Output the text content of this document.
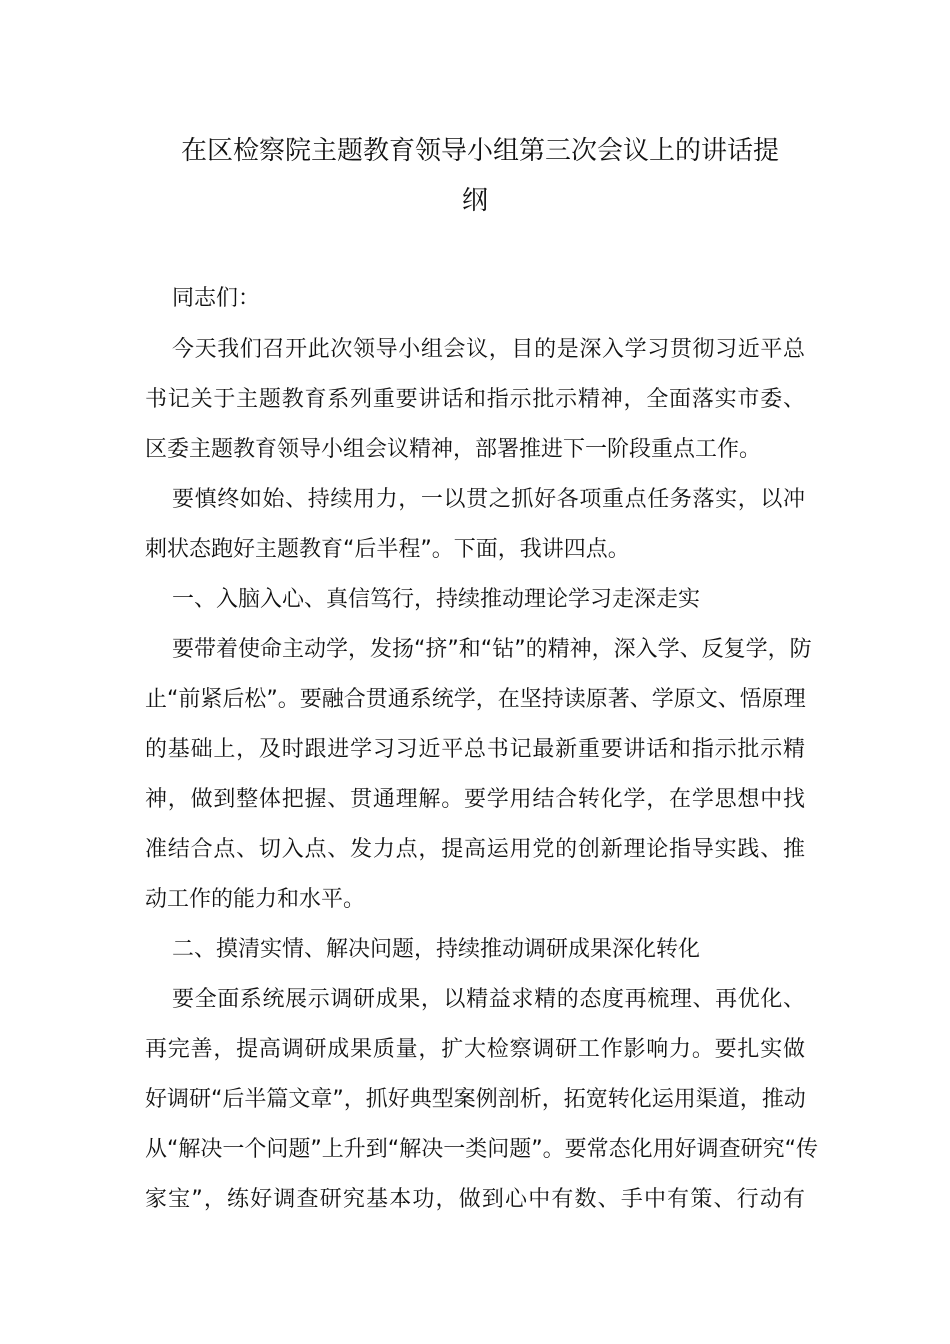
在区检察院主题教育领导小组第三次会议上的讲话提
纲
同志们：
今天我们召开此次领导小组会议，目的是深入学习贯彻习近平总
书记关于主题教育系列重要讲话和指示批示精神，全面落实市委、
区委主题教育领导小组会议精神，部署推进下一阶段重点工作。
要慎终如始、持续用力，一以贯之抓好各项重点任务落实，以冲
刺状态跑好主题教育“后半程”。下面，我讲四点。
一、入脑入心、真信笃行，持续推动理论学习走深走实
要带着使命主动学，发扬“挤”和“钻”的精神，深入学、反复学，防
止“前紧后松”。要融合贯通系统学，在坚持读原著、学原文、悟原理
的基础上，及时跟进学习习近平总书记最新重要讲话和指示批示精
神，做到整体把握、贯通理解。要学用结合转化学，在学思想中找
准结合点、切入点、发力点，提高运用党的创新理论指导实践、推
动工作的能力和水平。
二、摸清实情、解决问题，持续推动调研成果深化转化
要全面系统展示调研成果，以精益求精的态度再梳理、再优化、
再完善，提高调研成果质量，扩大检察调研工作影响力。要扎实做
好调研“后半篇文章”，抓好典型案例剖析，拓宽转化运用渠道，推动
从“解决一个问题”上升到“解决一类问题”。要常态化用好调查研究“传
家宝”，练好调查研究基本功，做到心中有数、手中有策、行动有
